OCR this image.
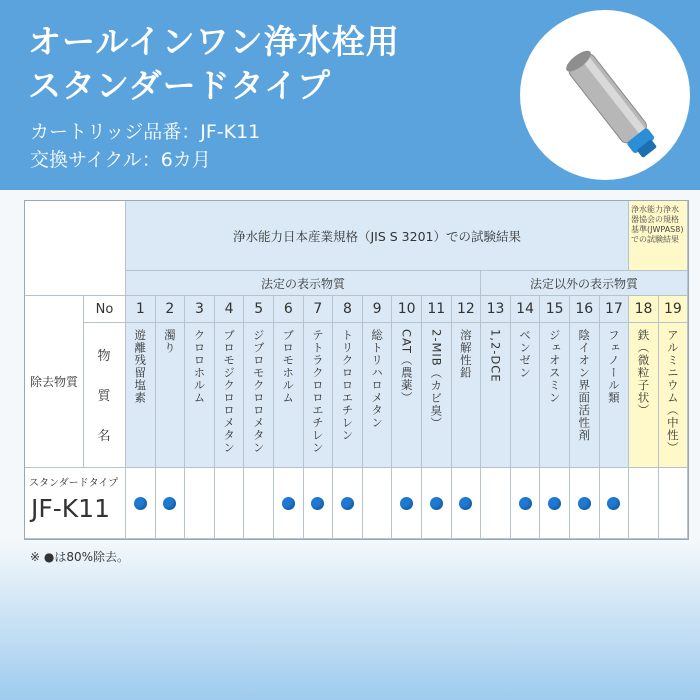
オールインワン浄水栓用
スタンダードタイプ
カートリッジ品番：JF-K11
交換サイクル：6カ月
浄水能力日本産業規格（JIS S 3201）での試験結果
浄水能力浄水器協会の規格基準(JWPAS8)での試験結果
法定の表示物質	法定以外の表示物質
除去物質
No
物
質
名
スタンダードタイプ
JF-K11
1
遊離残留塩素
2
濁り
3
クロロホルム
4
ブロモジクロロメタン
5
ジブロモクロロメタン
6
ブロモホルム
7
テトラクロロエチレン
8
トリクロロエチレン
9
総トリハロメタン
10
CAT（農薬）
11
2-MIB（カビ臭）
12
溶解性鉛
13
1,2-DCE
14
ベンゼン
15
ジェオスミン
16
陰イオン界面活性剤
17
フェノール類
18
鉄（微粒子状）
19
アルミニウム（中性）
※ ●は80%除去。
